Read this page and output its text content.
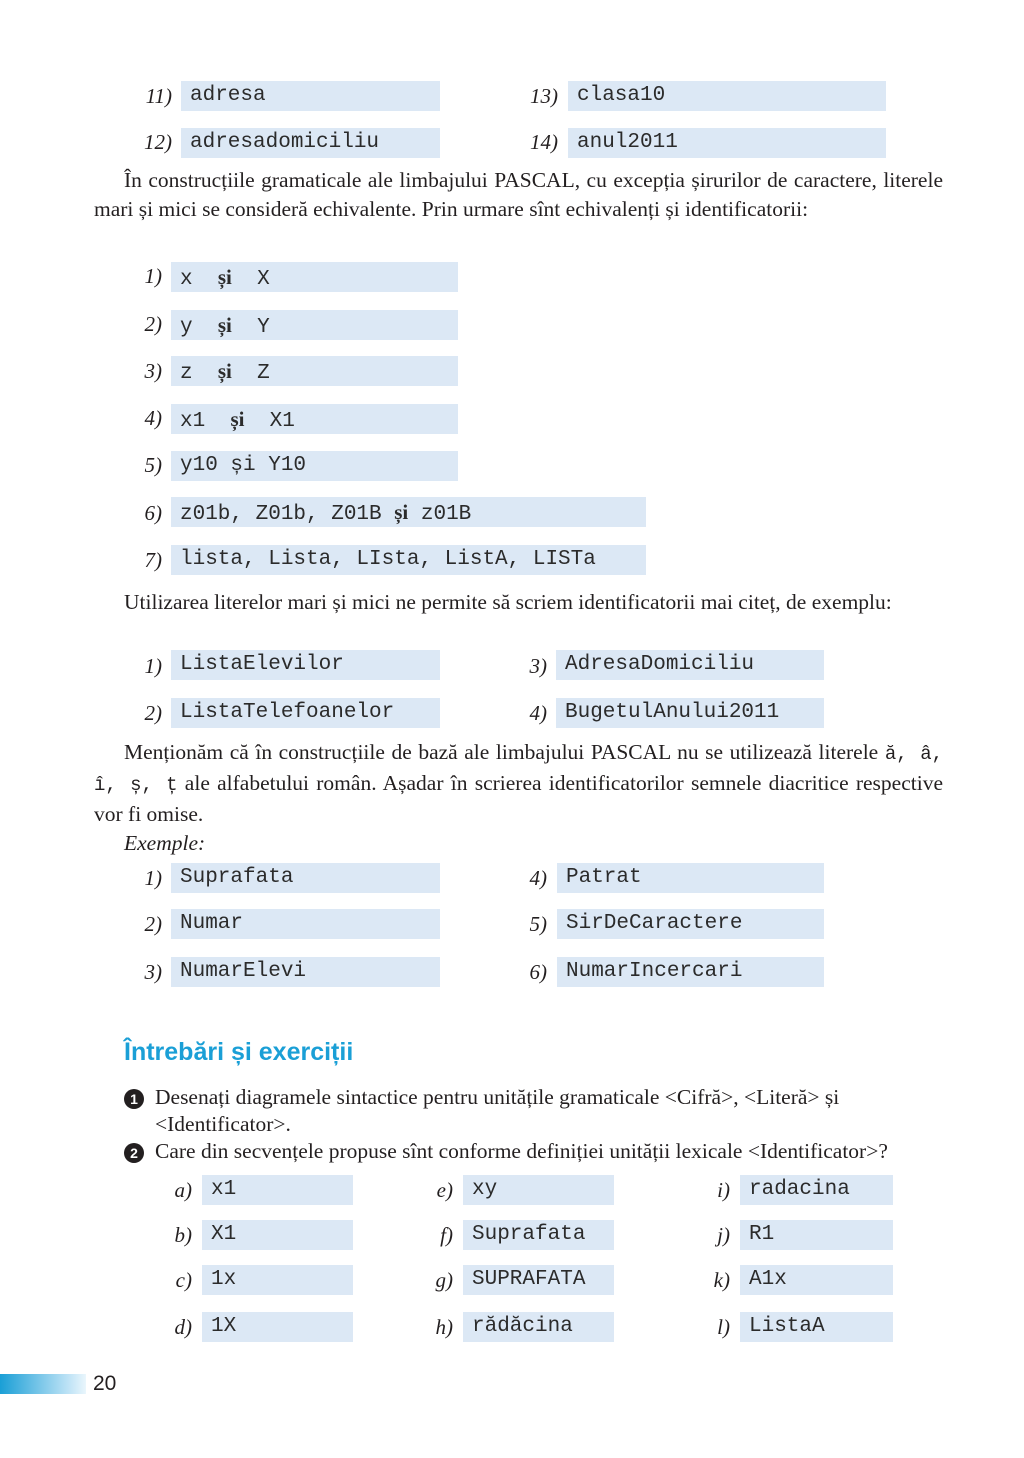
11) adresa
12) adresadomiciliu
13) clasa10
14) anul2011

În construcțiile gramaticale ale limbajului PASCAL, cu excepția șirurilor de caractere, literele mari și mici se consideră echivalente. Prin urmare sînt echivalenți și identificatorii:

1) x și X
2) y și Y
3) z și Z
4) x1 și X1
5) y10 și Y10
6) z01b, Z01b, Z01B și z01B
7) lista, Lista, LIsta, ListA, LISTa

Utilizarea literelor mari și mici ne permite să scriem identificatorii mai citeț, de exemplu:

1) ListaElevilor
2) ListaTelefoanelor
3) AdresaDomiciliu
4) BugetulAnului2011

Menționăm că în construcțiile de bază ale limbajului PASCAL nu se utilizează literele ă, â, î, ș, ț ale alfabetului român. Așadar în scrierea identificatorilor semnele diacritice respective vor fi omise.

Exemple:

1) Suprafata
2) Numar
3) NumarElevi
4) Patrat
5) SirDeCaractere
6) NumarIncercari
Întrebări și exerciții
1 Desenați diagramele sintactice pentru unitățile gramaticale <Cifră>, <Literă> și <Identificator>.
2 Care din secvențele propuse sînt conforme definiției unității lexicale <Identificator>?
a) x1
b) X1
c) 1x
d) 1X
e) xy
f) Suprafata
g) SUPRAFATA
h) rădăcina
i) radacina
j) R1
k) A1x
l) ListaA
20
